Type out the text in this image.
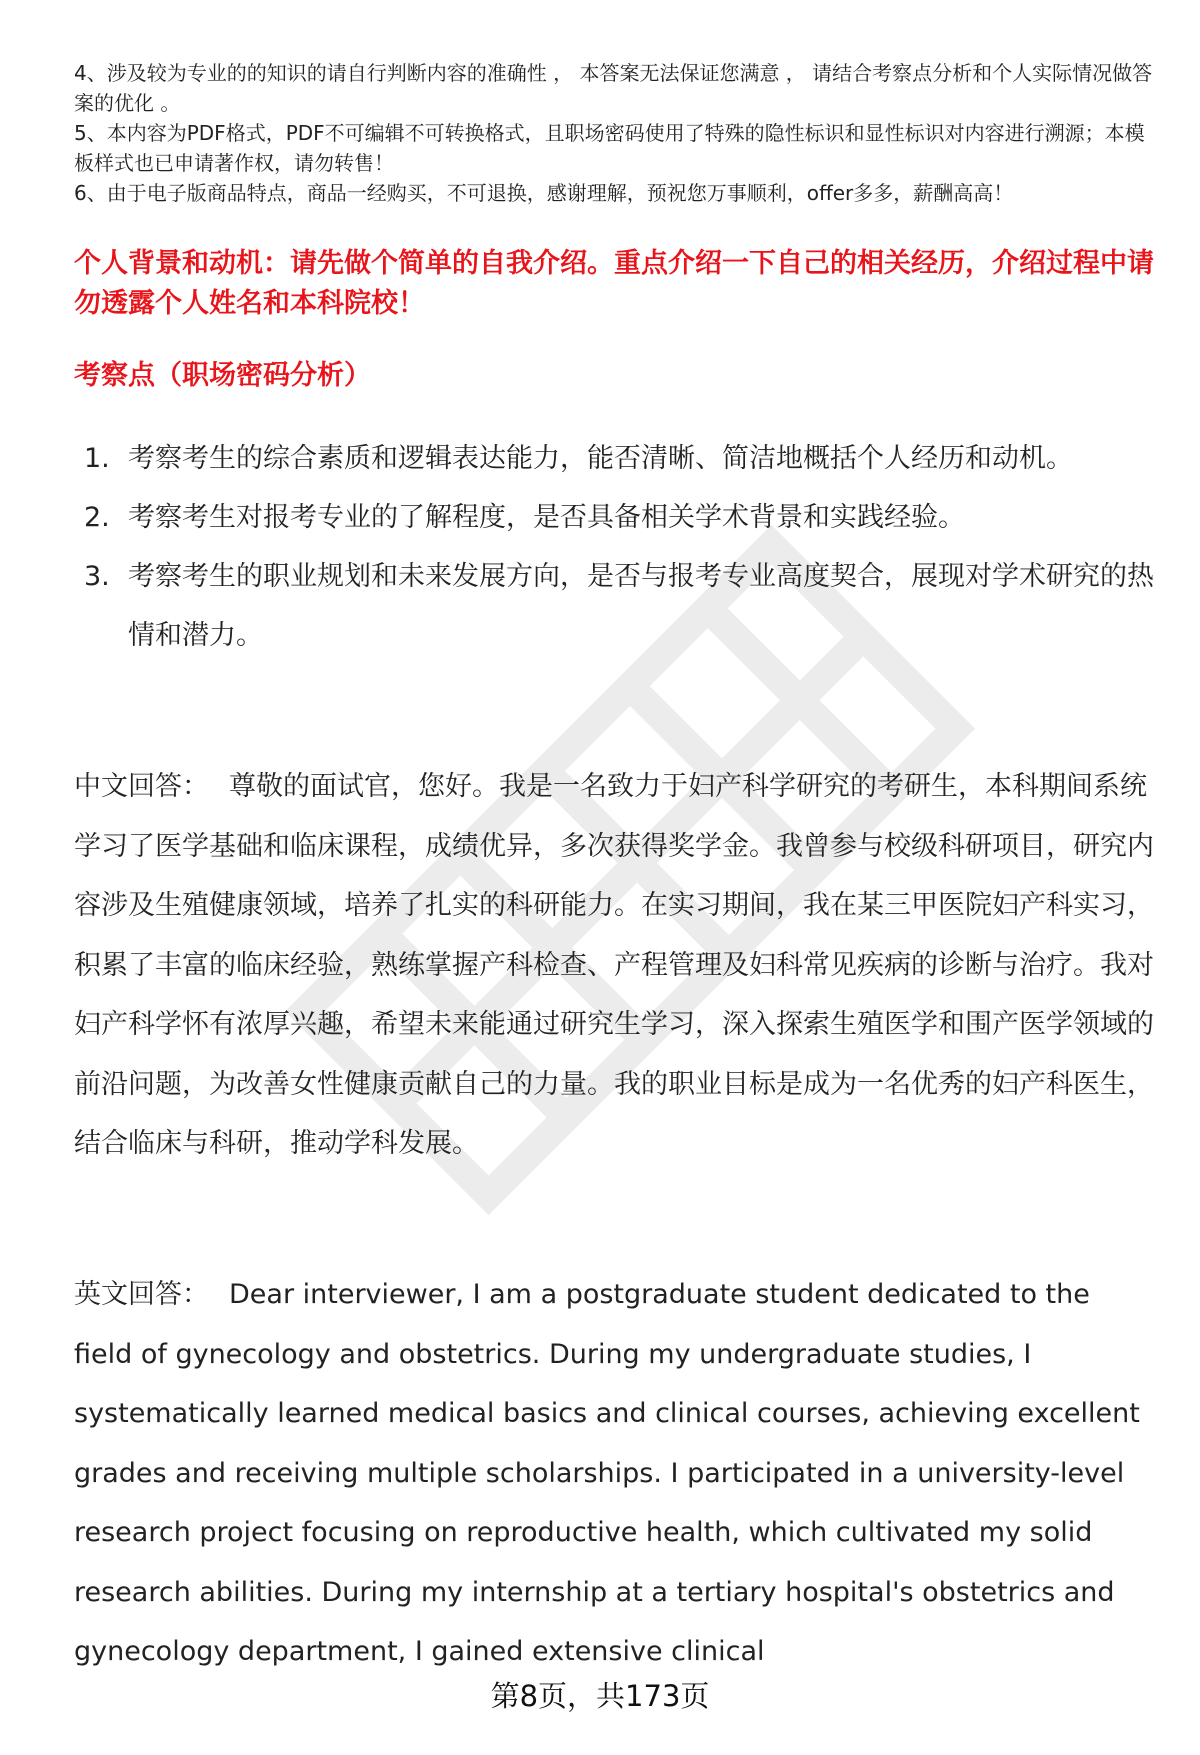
4、涉及较为专业的的知识的请自行判断内容的准确性 ， 本答案无法保证您满意 ， 请结合考察点分析和个人实际情况做答案的优化 。

5、本内容为PDF格式，PDF不可编辑不可转换格式，且职场密码使用了特殊的隐性标识和显性标识对内容进行溯源；本模板样式也已申请著作权，请勿转售！

6、由于电子版商品特点，商品一经购买，不可退换，感谢理解，预祝您万事顺利，offer多多，薪酬高高！

个人背景和动机：请先做个简单的自我介绍。重点介绍一下自己的相关经历，介绍过程中请勿透露个人姓名和本科院校！
考察点（职场密码分析）
1. 考察考生的综合素质和逻辑表达能力，能否清晰、简洁地概括个人经历和动机。
2. 考察考生对报考专业的了解程度，是否具备相关学术背景和实践经验。
3. 考察考生的职业规划和未来发展方向，是否与报考专业高度契合，展现对学术研究的热情和潜力。

中文回答： 尊敬的面试官，您好。我是一名致力于妇产科学研究的考研生，本科期间系统学习了医学基础和临床课程，成绩优异，多次获得奖学金。我曾参与校级科研项目，研究内容涉及生殖健康领域，培养了扎实的科研能力。在实习期间，我在某三甲医院妇产科实习，积累了丰富的临床经验，熟练掌握产科检查、产程管理及妇科常见疾病的诊断与治疗。我对妇产科学怀有浓厚兴趣，希望未来能通过研究生学习，深入探索生殖医学和围产医学领域的前沿问题，为改善女性健康贡献自己的力量。我的职业目标是成为一名优秀的妇产科医生，结合临床与科研，推动学科发展。

英文回答： Dear interviewer, I am a postgraduate student dedicated to the field of gynecology and obstetrics. During my undergraduate studies, I systematically learned medical basics and clinical courses, achieving excellent grades and receiving multiple scholarships. I participated in a university-level research project focusing on reproductive health, which cultivated my solid research abilities. During my internship at a tertiary hospital's obstetrics and gynecology department, I gained extensive clinical

第8页，共173页
